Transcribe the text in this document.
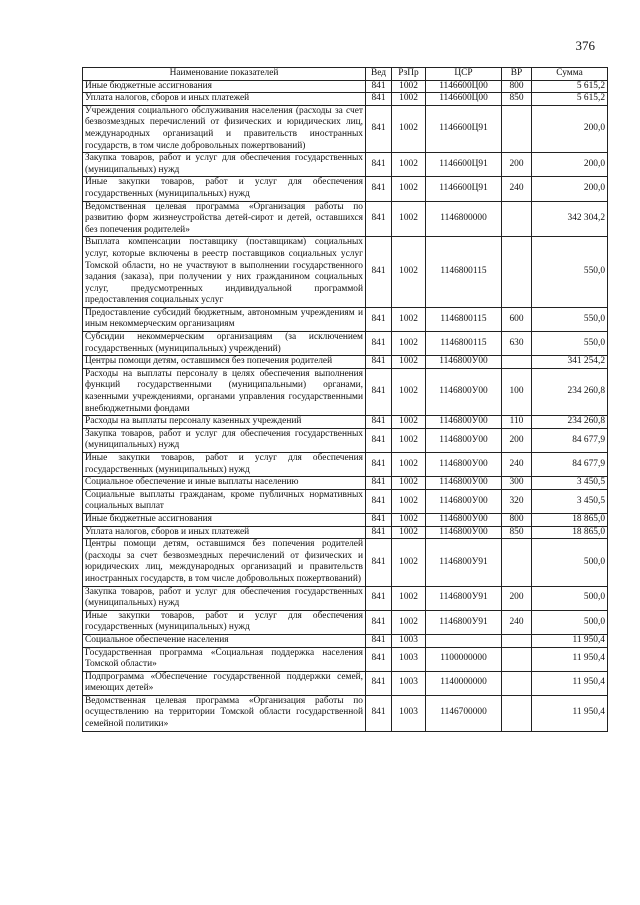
376
Наименование показателей	Вед	РзПр	ЦСР	ВР	Сумма
Иные бюджетные ассигнования	841	1002	1146600Ц00	800	5 615,2
Уплата налогов, сборов и иных платежей	841	1002	1146600Ц00	850	5 615,2
Учреждения социального обслуживания населения (расходы за счет безвозмездных перечислений от физических и юридических лиц, международных организаций и правительств иностранных государств, в том числе добровольных пожертвований)	841	1002	1146600Ц91		200,0
Закупка товаров, работ и услуг для обеспечения государственных (муниципальных) нужд	841	1002	1146600Ц91	200	200,0
Иные закупки товаров, работ и услуг для обеспечения государственных (муниципальных) нужд	841	1002	1146600Ц91	240	200,0
Ведомственная целевая программа «Организация работы по развитию форм жизнеустройства детей-сирот и детей, оставшихся без попечения родителей»	841	1002	1146800000		342 304,2
Выплата компенсации поставщику (поставщикам) социальных услуг, которые включены в реестр поставщиков социальных услуг Томской области, но не участвуют в выполнении государственного задания (заказа), при получении у них гражданином социальных услуг, предусмотренных индивидуальной программой предоставления социальных услуг	841	1002	1146800115		550,0
Предоставление субсидий бюджетным, автономным учреждениям и иным некоммерческим организациям	841	1002	1146800115	600	550,0
Субсидии некоммерческим организациям (за исключением государственных (муниципальных) учреждений)	841	1002	1146800115	630	550,0
Центры помощи детям, оставшимся без попечения родителей	841	1002	1146800У00		341 254,2
Расходы на выплаты персоналу в целях обеспечения выполнения функций государственными (муниципальными) органами, казенными учреждениями, органами управления государственными внебюджетными фондами	841	1002	1146800У00	100	234 260,8
Расходы на выплаты персоналу казенных учреждений	841	1002	1146800У00	110	234 260,8
Закупка товаров, работ и услуг для обеспечения государственных (муниципальных) нужд	841	1002	1146800У00	200	84 677,9
Иные закупки товаров, работ и услуг для обеспечения государственных (муниципальных) нужд	841	1002	1146800У00	240	84 677,9
Социальное обеспечение и иные выплаты населению	841	1002	1146800У00	300	3 450,5
Социальные выплаты гражданам, кроме публичных нормативных социальных выплат	841	1002	1146800У00	320	3 450,5
Иные бюджетные ассигнования	841	1002	1146800У00	800	18 865,0
Уплата налогов, сборов и иных платежей	841	1002	1146800У00	850	18 865,0
Центры помощи детям, оставшимся без попечения родителей (расходы за счет безвозмездных перечислений от физических и юридических лиц, международных организаций и правительств иностранных государств, в том числе добровольных пожертвований)	841	1002	1146800У91		500,0
Закупка товаров, работ и услуг для обеспечения государственных (муниципальных) нужд	841	1002	1146800У91	200	500,0
Иные закупки товаров, работ и услуг для обеспечения государственных (муниципальных) нужд	841	1002	1146800У91	240	500,0
Социальное обеспечение населения	841	1003			11 950,4
Государственная программа «Социальная поддержка населения Томской области»	841	1003	1100000000		11 950,4
Подпрограмма «Обеспечение государственной поддержки семей, имеющих детей»	841	1003	1140000000		11 950,4
Ведомственная целевая программа «Организация работы по осуществлению на территории Томской области государственной семейной политики»	841	1003	1146700000		11 950,4
